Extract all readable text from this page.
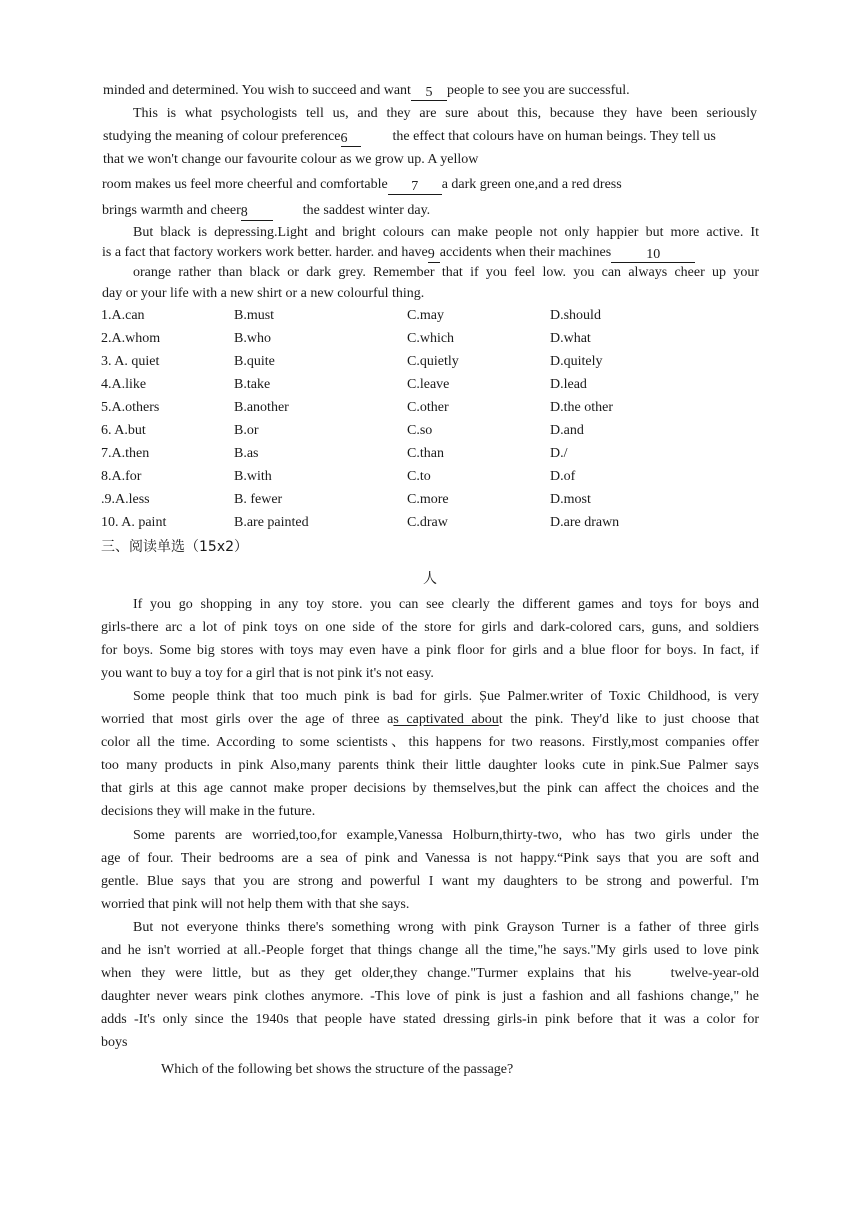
minded and determined. You wish to succeed and want 5 people to see you are successful.
This is what psychologists tell us, and they are sure about this, because they have been seriously
studying the meaning of colour preference6	the effect that colours have on human beings. They tell us
that we won't change our favourite colour as we grow up. A yellow
room makes us feel more cheerful and comfortable 7 a dark green one,and a red dress
brings warmth and cheer8	the saddest winter day.
But black is depressing.Light and bright colours can make people not only happier but more active. It
is a fact that factory workers work better. harder. and have9 accidents when their machines	10
orange rather than black or dark grey. Remember that if you feel low. you can always cheer up your
day or your life with a new shirt or a new colourful thing.
1.A.can	B.must	C.may	D.should
2.A.whom	B.who	C.which	D.what
3. A. quiet	B.quite	C.quietly	D.quitely
4.A.like	B.take	C.leave	D.lead
5.A.others	B.another	C.other	D.the other
6. A.but	B.or	C.so	D.and
7.A.then	B.as	C.than	D./
8.A.for	B.with	C.to	D.of
.9.A.less	B. fewer	C.more	D.most
10. A. paint	B.are painted	C.draw	D.are drawn
三、阅读单选（15x2）
人
If you go shopping in any toy store. you can see clearly the different games and toys for boys and
girls-there arc a lot of pink toys on one side of the store for girls and dark-colored cars, guns, and soldiers
for boys. Some big stores with toys may even have a pink floor for girls and a blue floor for boys. In fact, if
you want to buy a toy for a girl that is not pink it's not easy.
Some people think that too much pink is bad for girls. Șue Palmer.writer of Toxic Childhood, is very
worried that most girls over the age of three as captivated about the pink. They'd like to just choose that
color all the time. According to some scientists、this happens for two reasons. Firstly,most companies offer
too many products in pink Also,many parents think their little daughter looks cute in pink.Sue Palmer says
that girls at this age cannot make proper decisions by themselves,but the pink can affect the choices and the
decisions they will make in the future.
Some parents are worried,too,for example,Vanessa Holburn,thirty-two, who has two girls under the
age of four. Their bedrooms are a sea of pink and Vanessa is not happy.“Pink says that you are soft and
gentle. Blue says that you are strong and powerful I want my daughters to be strong and powerful. I'm
worried that pink will not help them with that she says.
But not everyone thinks there's something wrong with pink Grayson Turner is a father of three girls
and he isn't worried at all.-People forget that things change all the time,"he says."My girls used to love pink
when they were little, but as they get older,they change."Turmer explains that his    twelve-year-old
daughter never wears pink clothes anymore. -This love of pink is just a fashion and all fashions change," he
adds -It's only since the 1940s that people have stated dressing girls-in pink before that it was a color for
boys
Which of the following bet shows the structure of the passage?
